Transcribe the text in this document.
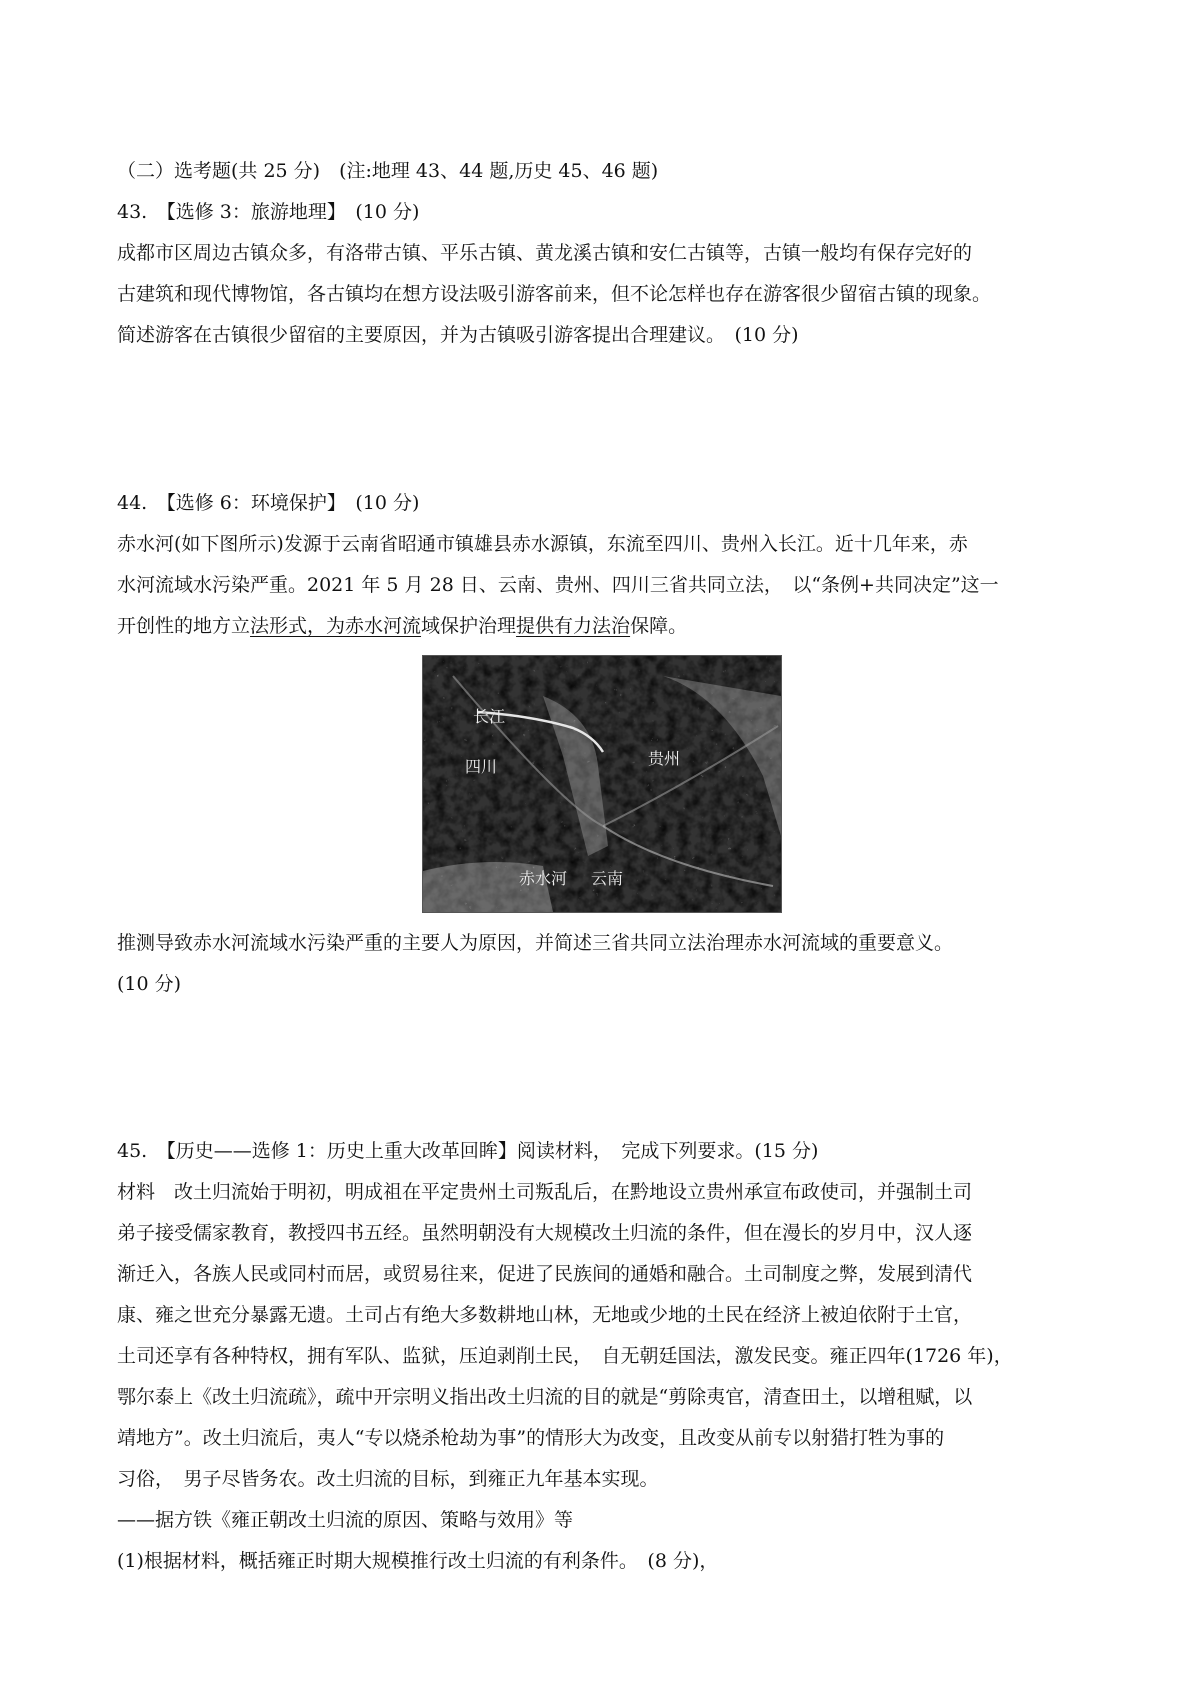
（二）选考题(共 25 分)　(注:地理 43、44 题,历史 45、46 题)
43.　【选修 3：旅游地理】　(10 分)
成都市区周边古镇众多，有洛带古镇、平乐古镇、黄龙溪古镇和安仁古镇等，古镇一般均有保存完好的
古建筑和现代博物馆，各古镇均在想方设法吸引游客前来，但不论怎样也存在游客很少留宿古镇的现象。
简述游客在古镇很少留宿的主要原因，并为古镇吸引游客提出合理建议。　(10 分)
44.　【选修 6：环境保护】　(10 分)
赤水河(如下图所示)发源于云南省昭通市镇雄县赤水源镇，东流至四川、贵州入长江。近十几年来，赤
水河流域水污染严重。2021 年 5 月 28 日、云南、贵州、四川三省共同立法，　以“条例+共同决定”这一
开创性的地方立法形式，为赤水河流域保护治理提供有力法治保障。
长江
四川	贵州
赤水河 云南
推测导致赤水河流域水污染严重的主要人为原因，并简述三省共同立法治理赤水河流域的重要意义。
(10 分)
45.　【历史——选修 1：历史上重大改革回眸】阅读材料，　完成下列要求。(15 分)
材料　改土归流始于明初，明成祖在平定贵州土司叛乱后，在黔地设立贵州承宣布政使司，并强制土司
弟子接受儒家教育，教授四书五经。虽然明朝没有大规模改土归流的条件，但在漫长的岁月中，汉人逐
渐迁入，各族人民或同村而居，或贸易往来，促进了民族间的通婚和融合。土司制度之弊，发展到清代
康、雍之世充分暴露无遗。土司占有绝大多数耕地山林，无地或少地的土民在经济上被迫依附于土官，
土司还享有各种特权，拥有军队、监狱，压迫剥削土民，　自无朝廷国法，激发民变。雍正四年(1726 年)，
鄂尔泰上《改土归流疏》，疏中开宗明义指出改土归流的目的就是“剪除夷官，清查田土，以增租赋，以
靖地方”。改土归流后，夷人“专以烧杀枪劫为事”的情形大为改变，且改变从前专以射猎打牲为事的
习俗，　男子尽皆务农。改土归流的目标，到雍正九年基本实现。
——据方铁《雍正朝改土归流的原因、策略与效用》等
(1)根据材料，概括雍正时期大规模推行改土归流的有利条件。　(8 分)，
